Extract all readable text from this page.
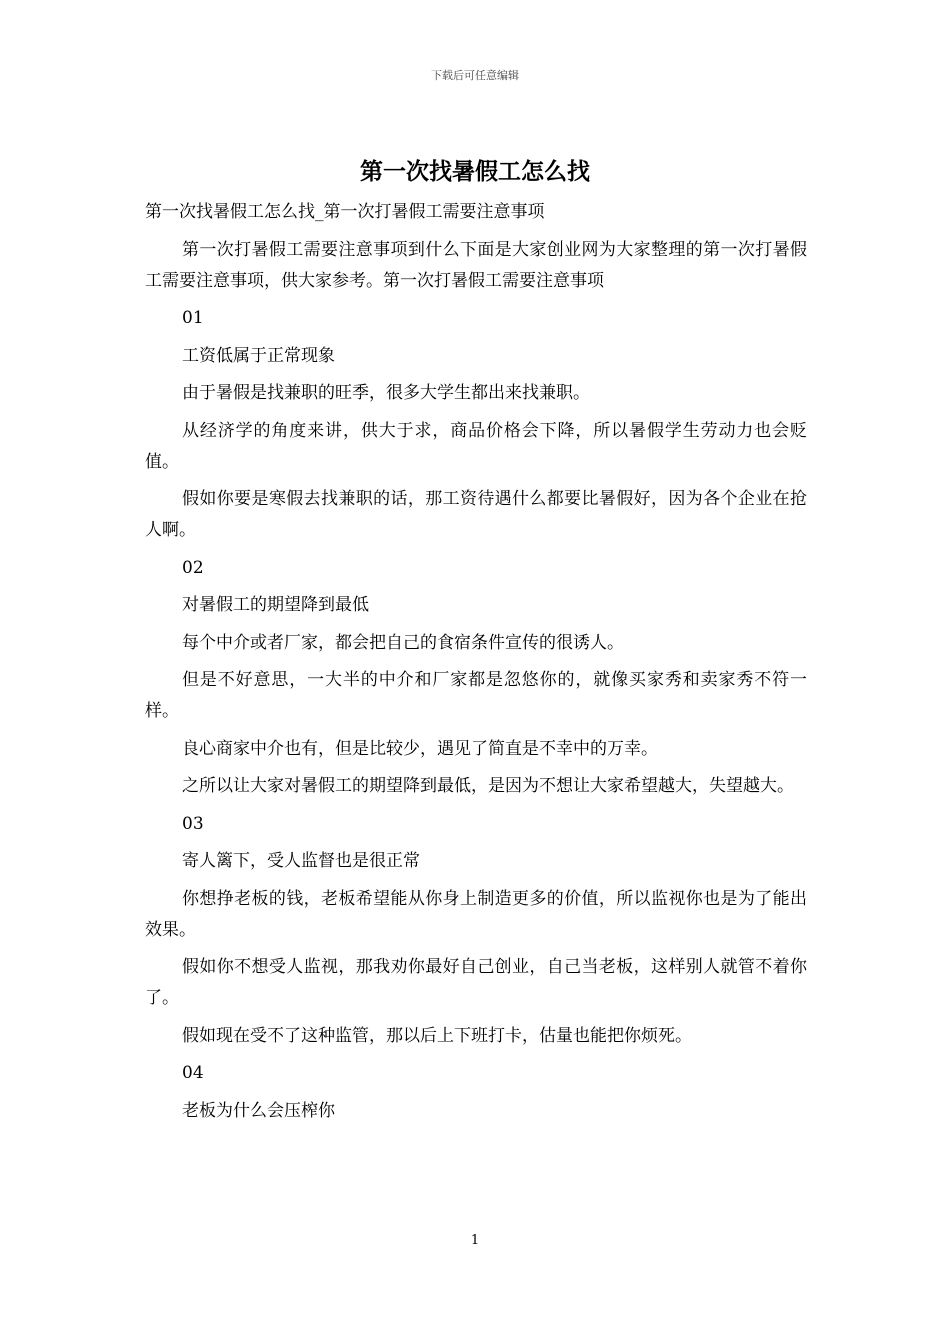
下载后可任意编辑
第一次找暑假工怎么找

第一次找暑假工怎么找_第一次打暑假工需要注意事项

第一次打暑假工需要注意事项到什么下面是大家创业网为大家整理的第一次打暑假工需要注意事项，供大家参考。第一次打暑假工需要注意事项

01

工资低属于正常现象

由于暑假是找兼职的旺季，很多大学生都出来找兼职。

从经济学的角度来讲，供大于求，商品价格会下降，所以暑假学生劳动力也会贬值。

假如你要是寒假去找兼职的话，那工资待遇什么都要比暑假好，因为各个企业在抢人啊。

02

对暑假工的期望降到最低

每个中介或者厂家，都会把自己的食宿条件宣传的很诱人。

但是不好意思，一大半的中介和厂家都是忽悠你的，就像买家秀和卖家秀不符一样。

良心商家中介也有，但是比较少，遇见了简直是不幸中的万幸。

之所以让大家对暑假工的期望降到最低，是因为不想让大家希望越大，失望越大。

03

寄人篱下，受人监督也是很正常

你想挣老板的钱，老板希望能从你身上制造更多的价值，所以监视你也是为了能出效果。

假如你不想受人监视，那我劝你最好自己创业，自己当老板，这样别人就管不着你了。

假如现在受不了这种监管，那以后上下班打卡，估量也能把你烦死。

04

老板为什么会压榨你

1
